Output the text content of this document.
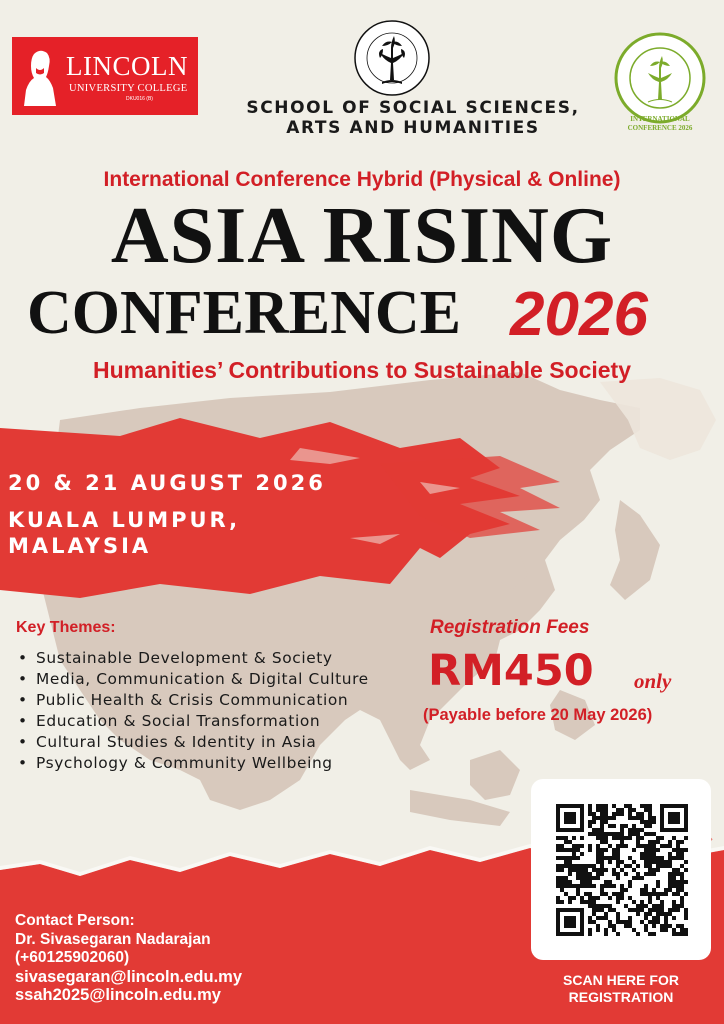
LINCOLN
UNIVERSITY COLLEGE
DKU016 (B)	SCHOOL OF SOCIAL SCIENCES,
ARTS AND HUMANITIES	INTERNATIONAL
CONFERENCE 2026
International Conference Hybrid (Physical & Online)
ASIA RISING
CONFERENCE 2026
Humanities’ Contributions to Sustainable Society
20 & 21 AUGUST 2026
KUALA LUMPUR,
MALAYSIA
Key Themes:
• Sustainable Development & Society
• Media, Communication & Digital Culture
• Public Health & Crisis Communication
• Education & Social Transformation
• Cultural Studies & Identity in Asia
• Psychology & Community Wellbeing
Registration Fees
RM450 only
(Payable before 20 May 2026)
SCAN HERE FOR
REGISTRATION
Contact Person:
Dr. Sivasegaran Nadarajan
(+60125902060)
sivasegaran@lincoln.edu.my
ssah2025@lincoln.edu.my
